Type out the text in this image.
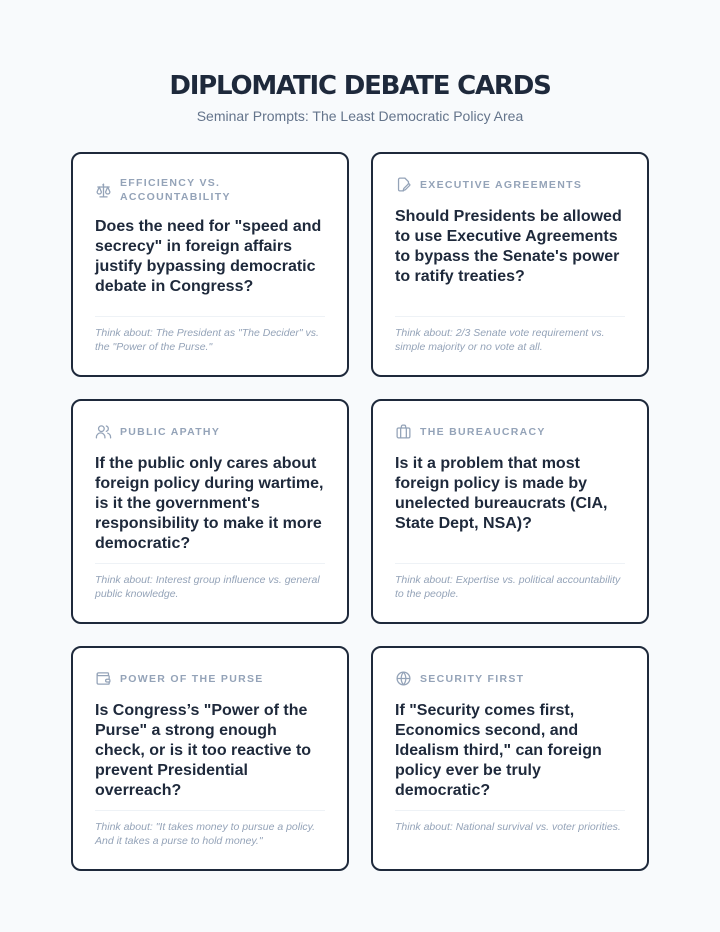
DIPLOMATIC DEBATE CARDS
Seminar Prompts: The Least Democratic Policy Area
EFFICIENCY VS. ACCOUNTABILITY
Does the need for "speed and secrecy" in foreign affairs justify bypassing democratic debate in Congress?
Think about: The President as "The Decider" vs. the "Power of the Purse."
EXECUTIVE AGREEMENTS
Should Presidents be allowed to use Executive Agreements to bypass the Senate's power to ratify treaties?
Think about: 2/3 Senate vote requirement vs. simple majority or no vote at all.
PUBLIC APATHY
If the public only cares about foreign policy during wartime, is it the government's responsibility to make it more democratic?
Think about: Interest group influence vs. general public knowledge.
THE BUREAUCRACY
Is it a problem that most foreign policy is made by unelected bureaucrats (CIA, State Dept, NSA)?
Think about: Expertise vs. political accountability to the people.
POWER OF THE PURSE
Is Congress’s "Power of the Purse" a strong enough check, or is it too reactive to prevent Presidential overreach?
Think about: "It takes money to pursue a policy. And it takes a purse to hold money."
SECURITY FIRST
If "Security comes first, Economics second, and Idealism third," can foreign policy ever be truly democratic?
Think about: National survival vs. voter priorities.
